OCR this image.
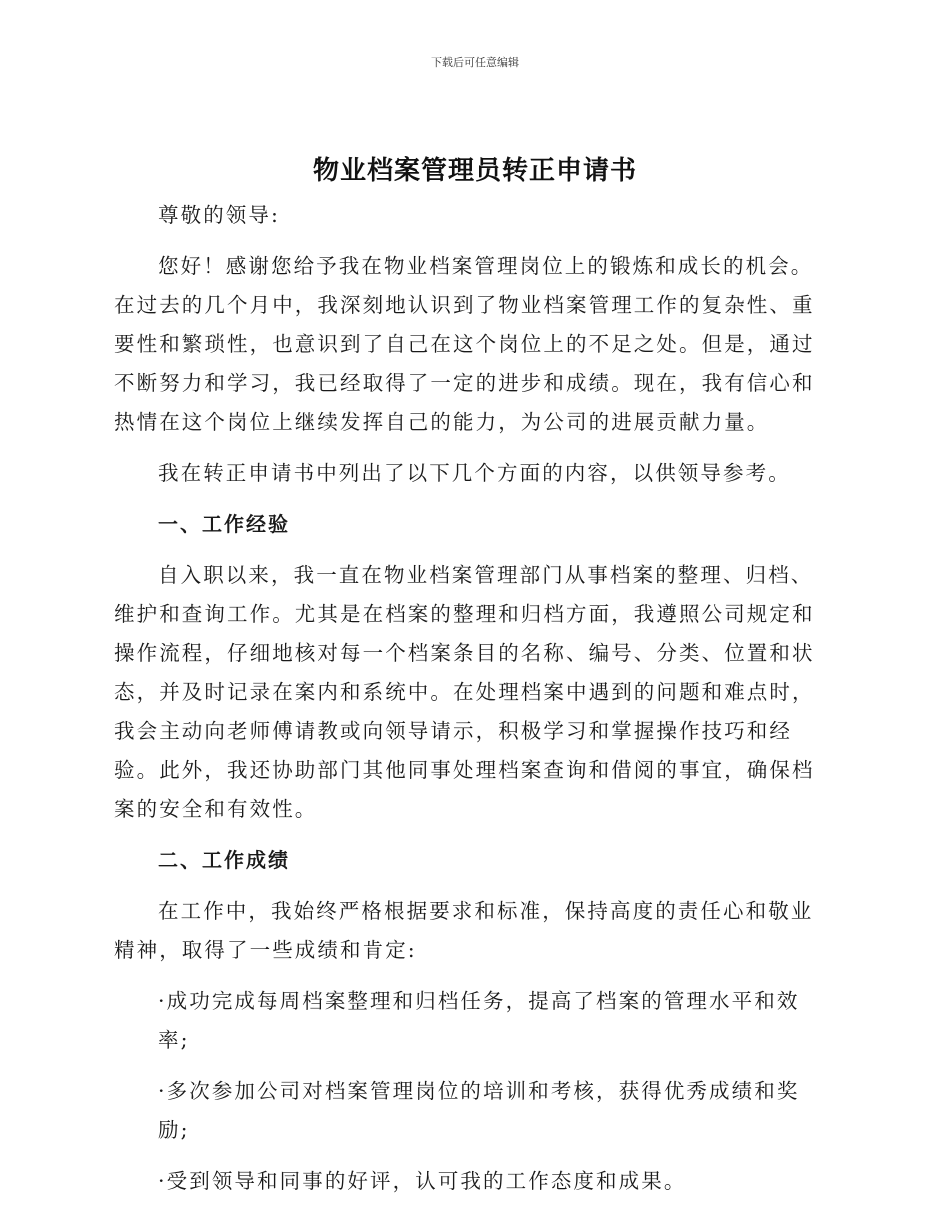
下载后可任意编辑
物业档案管理员转正申请书

尊敬的领导:

您好！感谢您给予我在物业档案管理岗位上的锻炼和成长的机会。在过去的几个月中，我深刻地认识到了物业档案管理工作的复杂性、重要性和繁琐性，也意识到了自己在这个岗位上的不足之处。但是，通过不断努力和学习，我已经取得了一定的进步和成绩。现在，我有信心和热情在这个岗位上继续发挥自己的能力，为公司的进展贡献力量。

我在转正申请书中列出了以下几个方面的内容，以供领导参考。

一、工作经验

自入职以来，我一直在物业档案管理部门从事档案的整理、归档、维护和查询工作。尤其是在档案的整理和归档方面，我遵照公司规定和操作流程，仔细地核对每一个档案条目的名称、编号、分类、位置和状态，并及时记录在案内和系统中。在处理档案中遇到的问题和难点时，我会主动向老师傅请教或向领导请示，积极学习和掌握操作技巧和经验。此外，我还协助部门其他同事处理档案查询和借阅的事宜，确保档案的安全和有效性。

二、工作成绩

在工作中，我始终严格根据要求和标准，保持高度的责任心和敬业精神，取得了一些成绩和肯定:

·成功完成每周档案整理和归档任务，提高了档案的管理水平和效率;

·多次参加公司对档案管理岗位的培训和考核，获得优秀成绩和奖励;

·受到领导和同事的好评，认可我的工作态度和成果。
